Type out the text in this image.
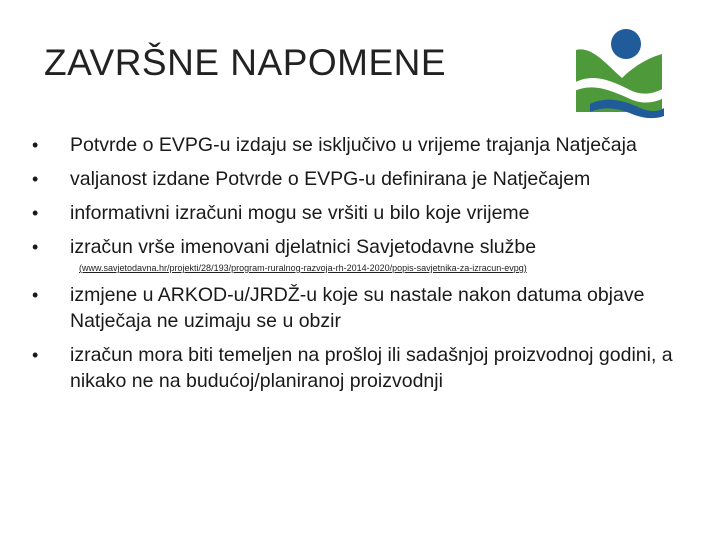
ZAVRŠNE NAPOMENE
• Potvrde o EVPG-u izdaju se isključivo u vrijeme trajanja Natječaja
• valjanost izdane Potvrde o EVPG-u definirana je Natječajem
• informativni izračuni mogu se vršiti u bilo koje vrijeme
• izračun vrše imenovani djelatnici Savjetodavne službe
(www.savjetodavna.hr/projekti/28/193/program-ruralnog-razvoja-rh-2014-2020/popis-savjetnika-za-izracun-evpg)
• izmjene u ARKOD-u/JRDŽ-u koje su nastale nakon datuma objave Natječaja ne uzimaju se u obzir
• izračun mora biti temeljen na prošloj ili sadašnjoj proizvodnoj godini, a nikako ne na budućoj/planiranoj proizvodnji
